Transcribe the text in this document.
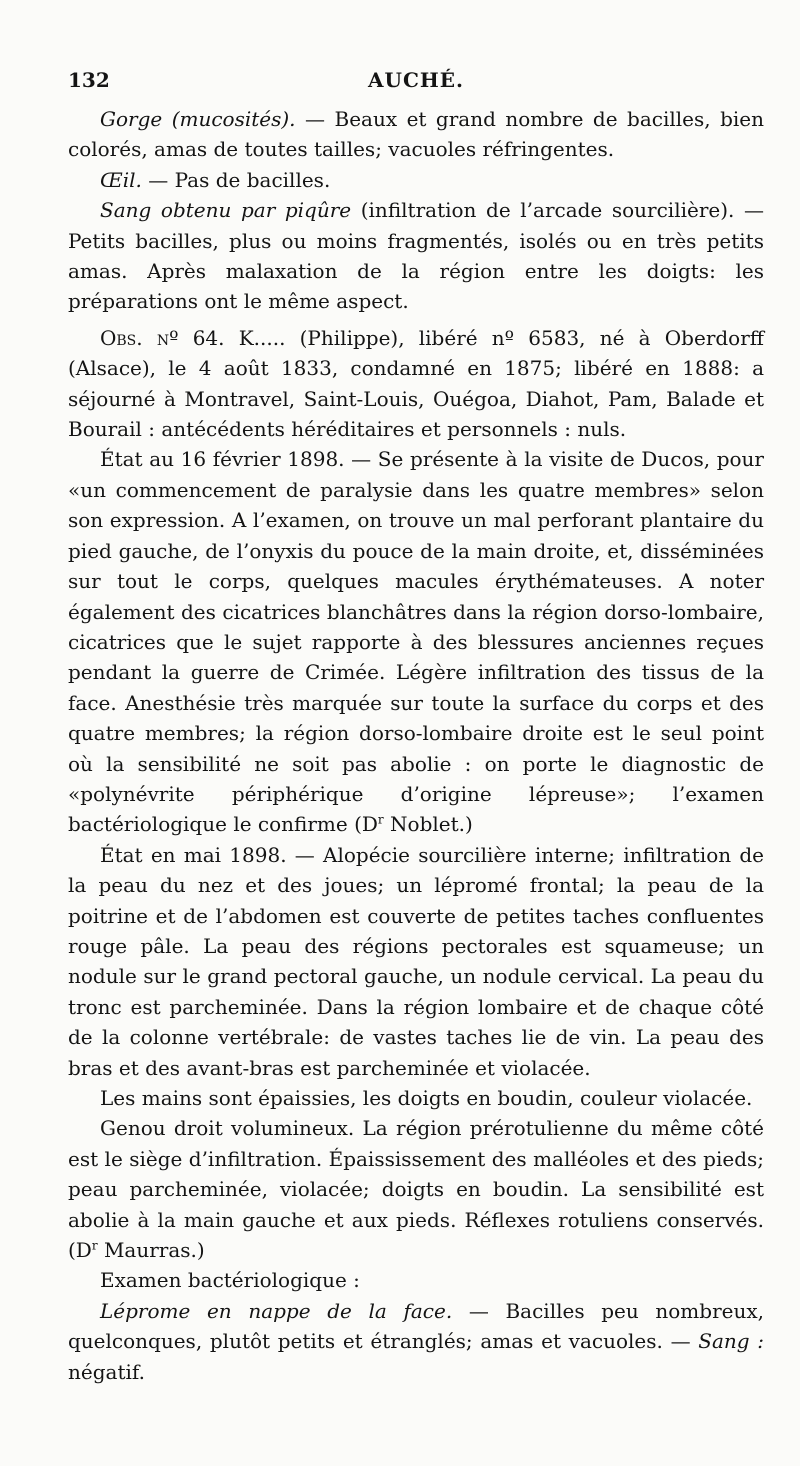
132	AUCHÉ.

Gorge (mucosités). — Beaux et grand nombre de bacilles, bien colorés, amas de toutes tailles; vacuoles réfringentes.

Œil. — Pas de bacilles.

Sang obtenu par piqûre (infiltration de l’arcade sourcilière). — Petits bacilles, plus ou moins fragmentés, isolés ou en très petits amas. Après malaxation de la région entre les doigts: les préparations ont le même aspect.

Obs. nº 64. K..... (Philippe), libéré nº 6583, né à Oberdorff (Alsace), le 4 août 1833, condamné en 1875; libéré en 1888: a séjourné à Montravel, Saint-Louis, Ouégoa, Diahot, Pam, Balade et Bourail : antécédents héréditaires et personnels : nuls.

État au 16 février 1898. — Se présente à la visite de Ducos, pour «un commencement de paralysie dans les quatre membres» selon son expression. A l’examen, on trouve un mal perforant plantaire du pied gauche, de l’onyxis du pouce de la main droite, et, disséminées sur tout le corps, quelques macules érythémateuses. A noter également des cicatrices blanchâtres dans la région dorso-lombaire, cicatrices que le sujet rapporte à des blessures anciennes reçues pendant la guerre de Crimée. Légère infiltration des tissus de la face. Anesthésie très marquée sur toute la surface du corps et des quatre membres; la région dorso-lombaire droite est le seul point où la sensibilité ne soit pas abolie : on porte le diagnostic de «polynévrite périphérique d’origine lépreuse»; l’examen bactériologique le confirme ($D^r$ Noblet.)

État en mai 1898. — Alopécie sourcilière interne; infiltration de la peau du nez et des joues; un lépromé frontal; la peau de la poitrine et de l’abdomen est couverte de petites taches confluentes rouge pâle. La peau des régions pectorales est squameuse; un nodule sur le grand pectoral gauche, un nodule cervical. La peau du tronc est parcheminée. Dans la région lombaire et de chaque côté de la colonne vertébrale: de vastes taches lie de vin. La peau des bras et des avant-bras est parcheminée et violacée.

Les mains sont épaissies, les doigts en boudin, couleur violacée.

Genou droit volumineux. La région prérotulienne du même côté est le siège d’infiltration. Épaississement des malléoles et des pieds; peau parcheminée, violacée; doigts en boudin. La sensibilité est abolie à la main gauche et aux pieds. Réflexes rotuliens conservés. ($D^r$ Maurras.)

Examen bactériologique :

Léprome en nappe de la face. — Bacilles peu nombreux, quelconques, plutôt petits et étranglés; amas et vacuoles. — Sang : négatif.
